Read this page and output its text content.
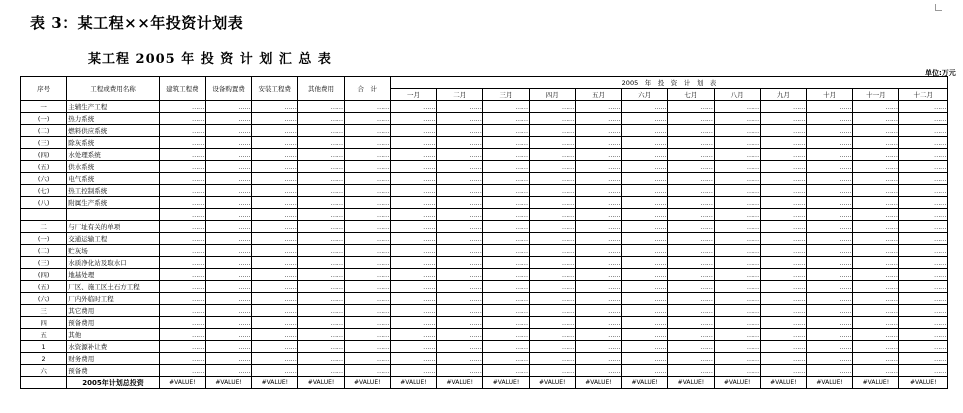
表 3：某工程××年投资计划表
某工程 2005 年 投 资 计 划 汇 总 表
单位:万元
序号	工程或费用名称	建筑工程费	设备购置费	安装工程费	其他费用	合　计	2005　年　投　资　计　划　表											
							一月	二月	三月	四月	五月	六月	七月	八月	九月	十月	十一月	十二月
一	主辅生产工程	……	……	……	……	……	……	……	……	……	……	……	……	……	……	……	……	……
(一)	热力系统	……	……	……	……	……	……	……	……	……	……	……	……	……	……	……	……	……
(二)	燃料供应系统	……	……	……	……	……	……	……	……	……	……	……	……	……	……	……	……	……
(三)	除灰系统	……	……	……	……	……	……	……	……	……	……	……	……	……	……	……	……	……
(四)	水处理系统	……	……	……	……	……	……	……	……	……	……	……	……	……	……	……	……	……
(五)	供水系统	……	……	……	……	……	……	……	……	……	……	……	……	……	……	……	……	……
(六)	电气系统	……	……	……	……	……	……	……	……	……	……	……	……	……	……	……	……	……
(七)	热工控制系统	……	……	……	……	……	……	……	……	……	……	……	……	……	……	……	……	……
(八)	附属生产系统	……	……	……	……	……	……	……	……	……	……	……	……	……	……	……	……	……
		……	……	……	……	……	……	……	……	……	……	……	……	……	……	……	……	……
二	与厂址有关的单项	……	……	……	……	……	……	……	……	……	……	……	……	……	……	……	……	……
(一)	交通运输工程	……	……	……	……	……	……	……	……	……	……	……	……	……	……	……	……	……
(二)	贮灰场	……	……	……	……	……	……	……	……	……	……	……	……	……	……	……	……	……
(三)	水质净化站及取水口	……	……	……	……	……	……	……	……	……	……	……	……	……	……	……	……	……
(四)	地基处理	……	……	……	……	……	……	……	……	……	……	……	……	……	……	……	……	……
(五)	厂区、施工区土石方工程	……	……	……	……	……	……	……	……	……	……	……	……	……	……	……	……	……
(六)	厂内外临时工程	……	……	……	……	……	……	……	……	……	……	……	……	……	……	……	……	……
三	其它费用	……	……	……	……	……	……	……	……	……	……	……	……	……	……	……	……	……
四	预备费用	……	……	……	……	……	……	……	……	……	……	……	……	……	……	……	……	……
五	其他	……	……	……	……	……	……	……	……	……	……	……	……	……	……	……	……	……
1	水资源补让费	……	……	……	……	……	……	……	……	……	……	……	……	……	……	……	……	……
2	财务费用	……	……	……	……	……	……	……	……	……	……	……	……	……	……	……	……	……
六	预备费	……	……	……	……	……	……	……	……	……	……	……	……	……	……	……	……	……
	2005年计划总投资	#VALUE!	#VALUE!	#VALUE!	#VALUE!	#VALUE!	#VALUE!	#VALUE!	#VALUE!	#VALUE!	#VALUE!	#VALUE!	#VALUE!	#VALUE!	#VALUE!	#VALUE!	#VALUE!	#VALUE!
